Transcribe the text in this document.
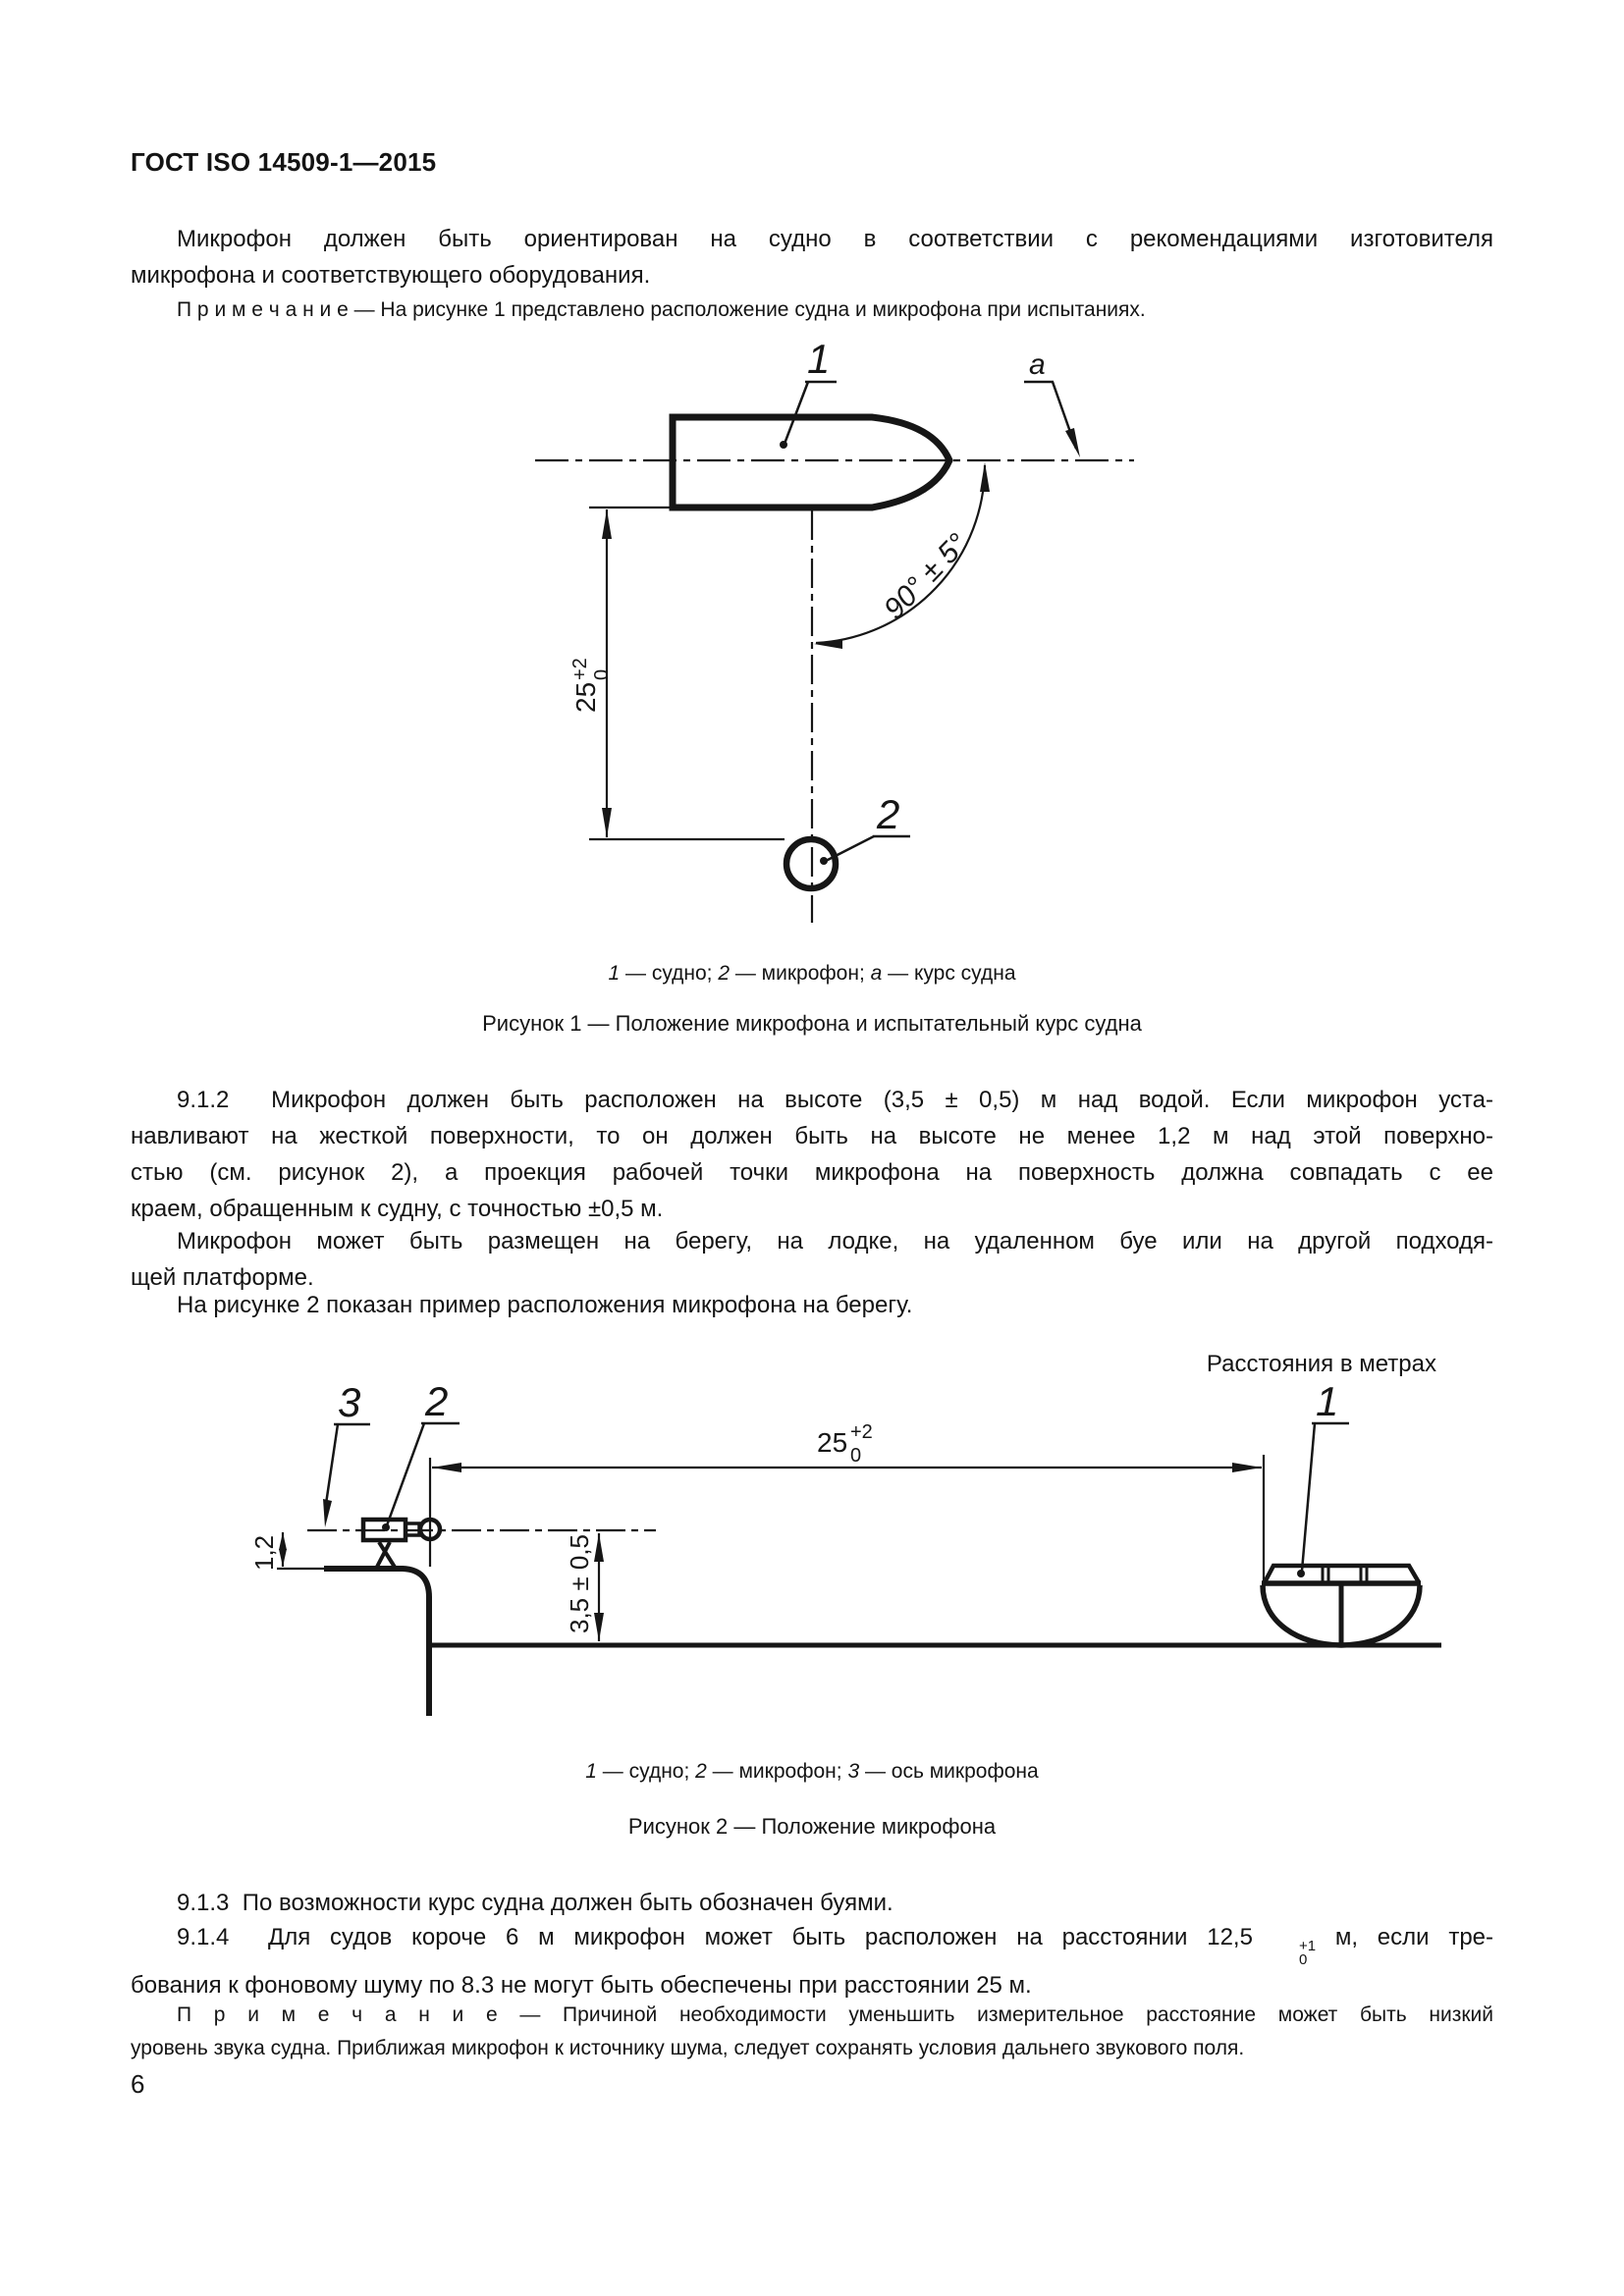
ГОСТ ISO 14509-1—2015
Микрофон должен быть ориентирован на судно в соответствии с рекомендациями изготовителя
микрофона и соответствующего оборудования.
П р и м е ч а н и е — На рисунке 1 представлено расположение судна и микрофона при испытаниях.
25
+2 0
90° ± 5°
1	a
2
1 — судно; 2 — микрофон; a — курс судна
Рисунок 1 — Положение микрофона и испытательный курс судна
9.1.2  Микрофон должен быть расположен на высоте (3,5 ± 0,5) м над водой. Если микрофон уста-
навливают на жесткой поверхности, то он должен быть на высоте не менее 1,2 м над этой поверхно-
стью (см. рисунок 2), а проекция рабочей точки микрофона на поверхность должна совпадать с ее
краем, обращенным к судну, с точностью ±0,5 м.
Микрофон может быть размещен на берегу, на лодке, на удаленном буе или на другой подходя-
щей платформе.
На рисунке 2 показан пример расположения микрофона на берегу.
Расстояния в метрах
3 2
1,2
25 +2
0
3,5 ± 0,5
1
1 — судно; 2 — микрофон; 3 — ось микрофона
Рисунок 2 — Положение микрофона
9.1.3  По возможности курс судна должен быть обозначен буями.
9.1.4  Для судов короче 6 м микрофон может быть расположен на расстоянии 12,5	+1
0
м, если тре-
бования к фоновому шуму по 8.3 не могут быть обеспечены при расстоянии 25 м.
П р и м е ч а н и е — Причиной необходимости уменьшить измерительное расстояние может быть низкий
уровень звука судна. Приближая микрофон к источнику шума, следует сохранять условия дальнего звукового поля.
6
